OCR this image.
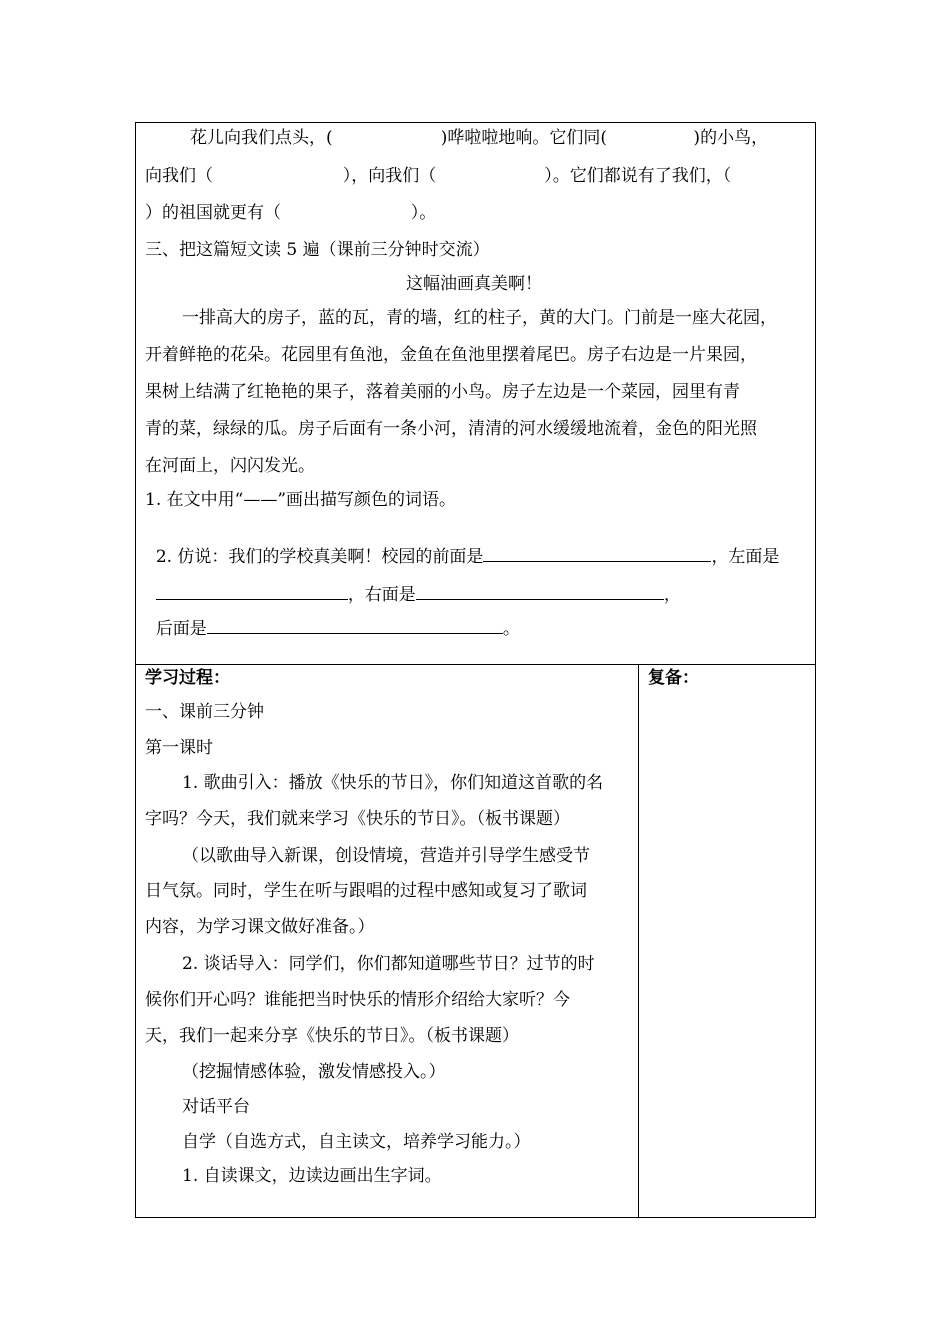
花儿向我们点头，(                    )哗啦啦地响。它们同(                )的小鸟，
向我们（                        ），向我们（                    ）。它们都说有了我们，（
）的祖国就更有（                        ）。
三、把这篇短文读 5 遍（课前三分钟时交流）
这幅油画真美啊！
一排高大的房子，蓝的瓦，青的墙，红的柱子，黄的大门。门前是一座大花园，
开着鲜艳的花朵。花园里有鱼池，金鱼在鱼池里摆着尾巴。房子右边是一片果园，
果树上结满了红艳艳的果子，落着美丽的小鸟。房子左边是一个菜园，园里有青
青的菜，绿绿的瓜。房子后面有一条小河，清清的河水缓缓地流着，金色的阳光照
在河面上，闪闪发光。
1. 在文中用“——”画出描写颜色的词语。

2. 仿说：我们的学校真美啊！校园的前面是	，左面是

，右面是	，

后面是	。

学习过程：
一、课前三分钟
第一课时
1. 歌曲引入：播放《快乐的节日》，你们知道这首歌的名
字吗？今天，我们就来学习《快乐的节日》。（板书课题）
（以歌曲导入新课，创设情境，营造并引导学生感受节
日气氛。同时，学生在听与跟唱的过程中感知或复习了歌词
内容，为学习课文做好准备。）
2. 谈话导入：同学们，你们都知道哪些节日？过节的时
候你们开心吗？谁能把当时快乐的情形介绍给大家听？今
天，我们一起来分享《快乐的节日》。（板书课题）
（挖掘情感体验，激发情感投入。）
对话平台
自学（自选方式，自主读文，培养学习能力。）
1. 自读课文，边读边画出生字词。
复备：
